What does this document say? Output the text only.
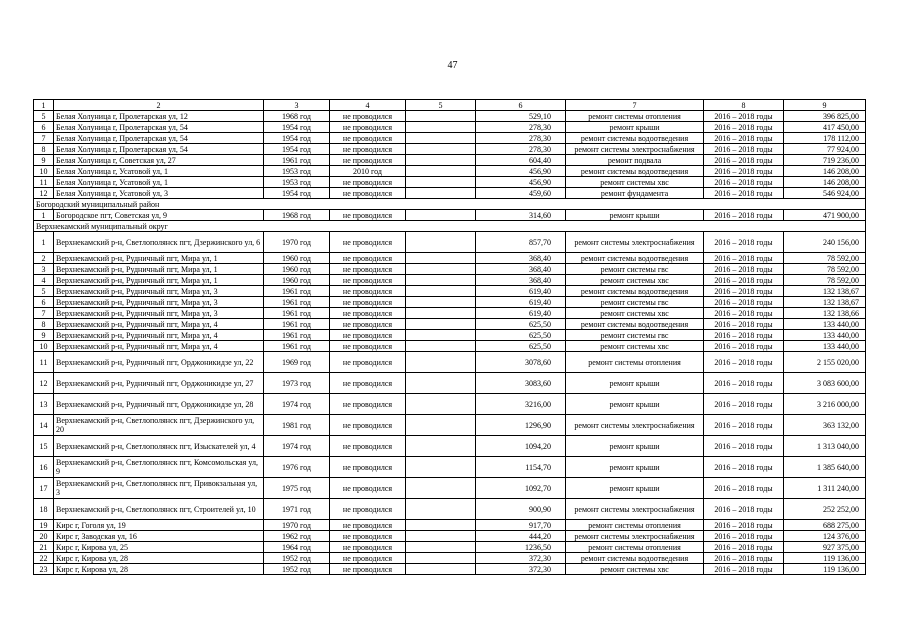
47
1	2	3	4	5	6	7	8	9
5	Белая Холуница г, Пролетарская ул, 12	1968 год	не проводился		529,10	ремонт системы отопления	2016 – 2018 годы	396 825,00
6	Белая Холуница г, Пролетарская ул, 54	1954 год	не проводился		278,30	ремонт крыши	2016 – 2018 годы	417 450,00
7	Белая Холуница г, Пролетарская ул, 54	1954 год	не проводился		278,30	ремонт системы водоотведения	2016 – 2018 годы	178 112,00
8	Белая Холуница г, Пролетарская ул, 54	1954 год	не проводился		278,30	ремонт системы электроснабжения	2016 – 2018 годы	77 924,00
9	Белая Холуница г, Советская ул, 27	1961 год	не проводился		604,40	ремонт подвала	2016 – 2018 годы	719 236,00
10	Белая Холуница г, Усатовой ул, 1	1953 год	2010 год		456,90	ремонт системы водоотведения	2016 – 2018 годы	146 208,00
11	Белая Холуница г, Усатовой ул, 1	1953 год	не проводился		456,90	ремонт системы хвс	2016 – 2018 годы	146 208,00
12	Белая Холуница г, Усатовой ул, 3	1954 год	не проводился		459,60	ремонт фундамента	2016 – 2018 годы	546 924,00
Богородский муниципальный район								
1	Богородское пгт, Советская ул, 9	1968 год	не проводился		314,60	ремонт крыши	2016 – 2018 годы	471 900,00
Верхнекамский муниципальный округ								
1	Верхнекамский р-н, Светлополянск пгт, Дзержинского ул, 6	1970 год	не проводился		857,70	ремонт системы электроснабжения	2016 – 2018 годы	240 156,00
2	Верхнекамский р-н, Рудничный пгт, Мира ул, 1	1960 год	не проводился		368,40	ремонт системы водоотведения	2016 – 2018 годы	78 592,00
3	Верхнекамский р-н, Рудничный пгт, Мира ул, 1	1960 год	не проводился		368,40	ремонт системы гвс	2016 – 2018 годы	78 592,00
4	Верхнекамский р-н, Рудничный пгт, Мира ул, 1	1960 год	не проводился		368,40	ремонт системы хвс	2016 – 2018 годы	78 592,00
5	Верхнекамский р-н, Рудничный пгт, Мира ул, 3	1961 год	не проводился		619,40	ремонт системы водоотведения	2016 – 2018 годы	132 138,67
6	Верхнекамский р-н, Рудничный пгт, Мира ул, 3	1961 год	не проводился		619,40	ремонт системы гвс	2016 – 2018 годы	132 138,67
7	Верхнекамский р-н, Рудничный пгт, Мира ул, 3	1961 год	не проводился		619,40	ремонт системы хвс	2016 – 2018 годы	132 138,66
8	Верхнекамский р-н, Рудничный пгт, Мира ул, 4	1961 год	не проводился		625,50	ремонт системы водоотведения	2016 – 2018 годы	133 440,00
9	Верхнекамский р-н, Рудничный пгт, Мира ул, 4	1961 год	не проводился		625,50	ремонт системы гвс	2016 – 2018 годы	133 440,00
10	Верхнекамский р-н, Рудничный пгт, Мира ул, 4	1961 год	не проводился		625,50	ремонт системы хвс	2016 – 2018 годы	133 440,00
11	Верхнекамский р-н, Рудничный пгт, Орджоникидзе ул, 22	1969 год	не проводился		3078,60	ремонт системы отопления	2016 – 2018 годы	2 155 020,00
12	Верхнекамский р-н, Рудничный пгт, Орджоникидзе ул, 27	1973 год	не проводился		3083,60	ремонт крыши	2016 – 2018 годы	3 083 600,00
13	Верхнекамский р-н, Рудничный пгт, Орджоникидзе ул, 28	1974 год	не проводился		3216,00	ремонт крыши	2016 – 2018 годы	3 216 000,00
14	Верхнекамский р-н, Светлополянск пгт, Дзержинского ул, 20	1981 год	не проводился		1296,90	ремонт системы электроснабжения	2016 – 2018 годы	363 132,00
15	Верхнекамский р-н, Светлополянск пгт, Изыскателей ул, 4	1974 год	не проводился		1094,20	ремонт крыши	2016 – 2018 годы	1 313 040,00
16	Верхнекамский р-н, Светлополянск пгт, Комсомольская ул, 9	1976 год	не проводился		1154,70	ремонт крыши	2016 – 2018 годы	1 385 640,00
17	Верхнекамский р-н, Светлополянск пгт, Привокзальная ул, 3	1975 год	не проводился		1092,70	ремонт крыши	2016 – 2018 годы	1 311 240,00
18	Верхнекамский р-н, Светлополянск пгт, Строителей ул, 10	1971 год	не проводился		900,90	ремонт системы электроснабжения	2016 – 2018 годы	252 252,00
19	Кирс г, Гоголя ул, 19	1970 год	не проводился		917,70	ремонт системы отопления	2016 – 2018 годы	688 275,00
20	Кирс г, Заводская ул, 16	1962 год	не проводился		444,20	ремонт системы электроснабжения	2016 – 2018 годы	124 376,00
21	Кирс г, Кирова ул, 25	1964 год	не проводился		1236,50	ремонт системы отопления	2016 – 2018 годы	927 375,00
22	Кирс г, Кирова ул, 28	1952 год	не проводился		372,30	ремонт системы водоотведения	2016 – 2018 годы	119 136,00
23	Кирс г, Кирова ул, 28	1952 год	не проводился		372,30	ремонт системы хвс	2016 – 2018 годы	119 136,00
